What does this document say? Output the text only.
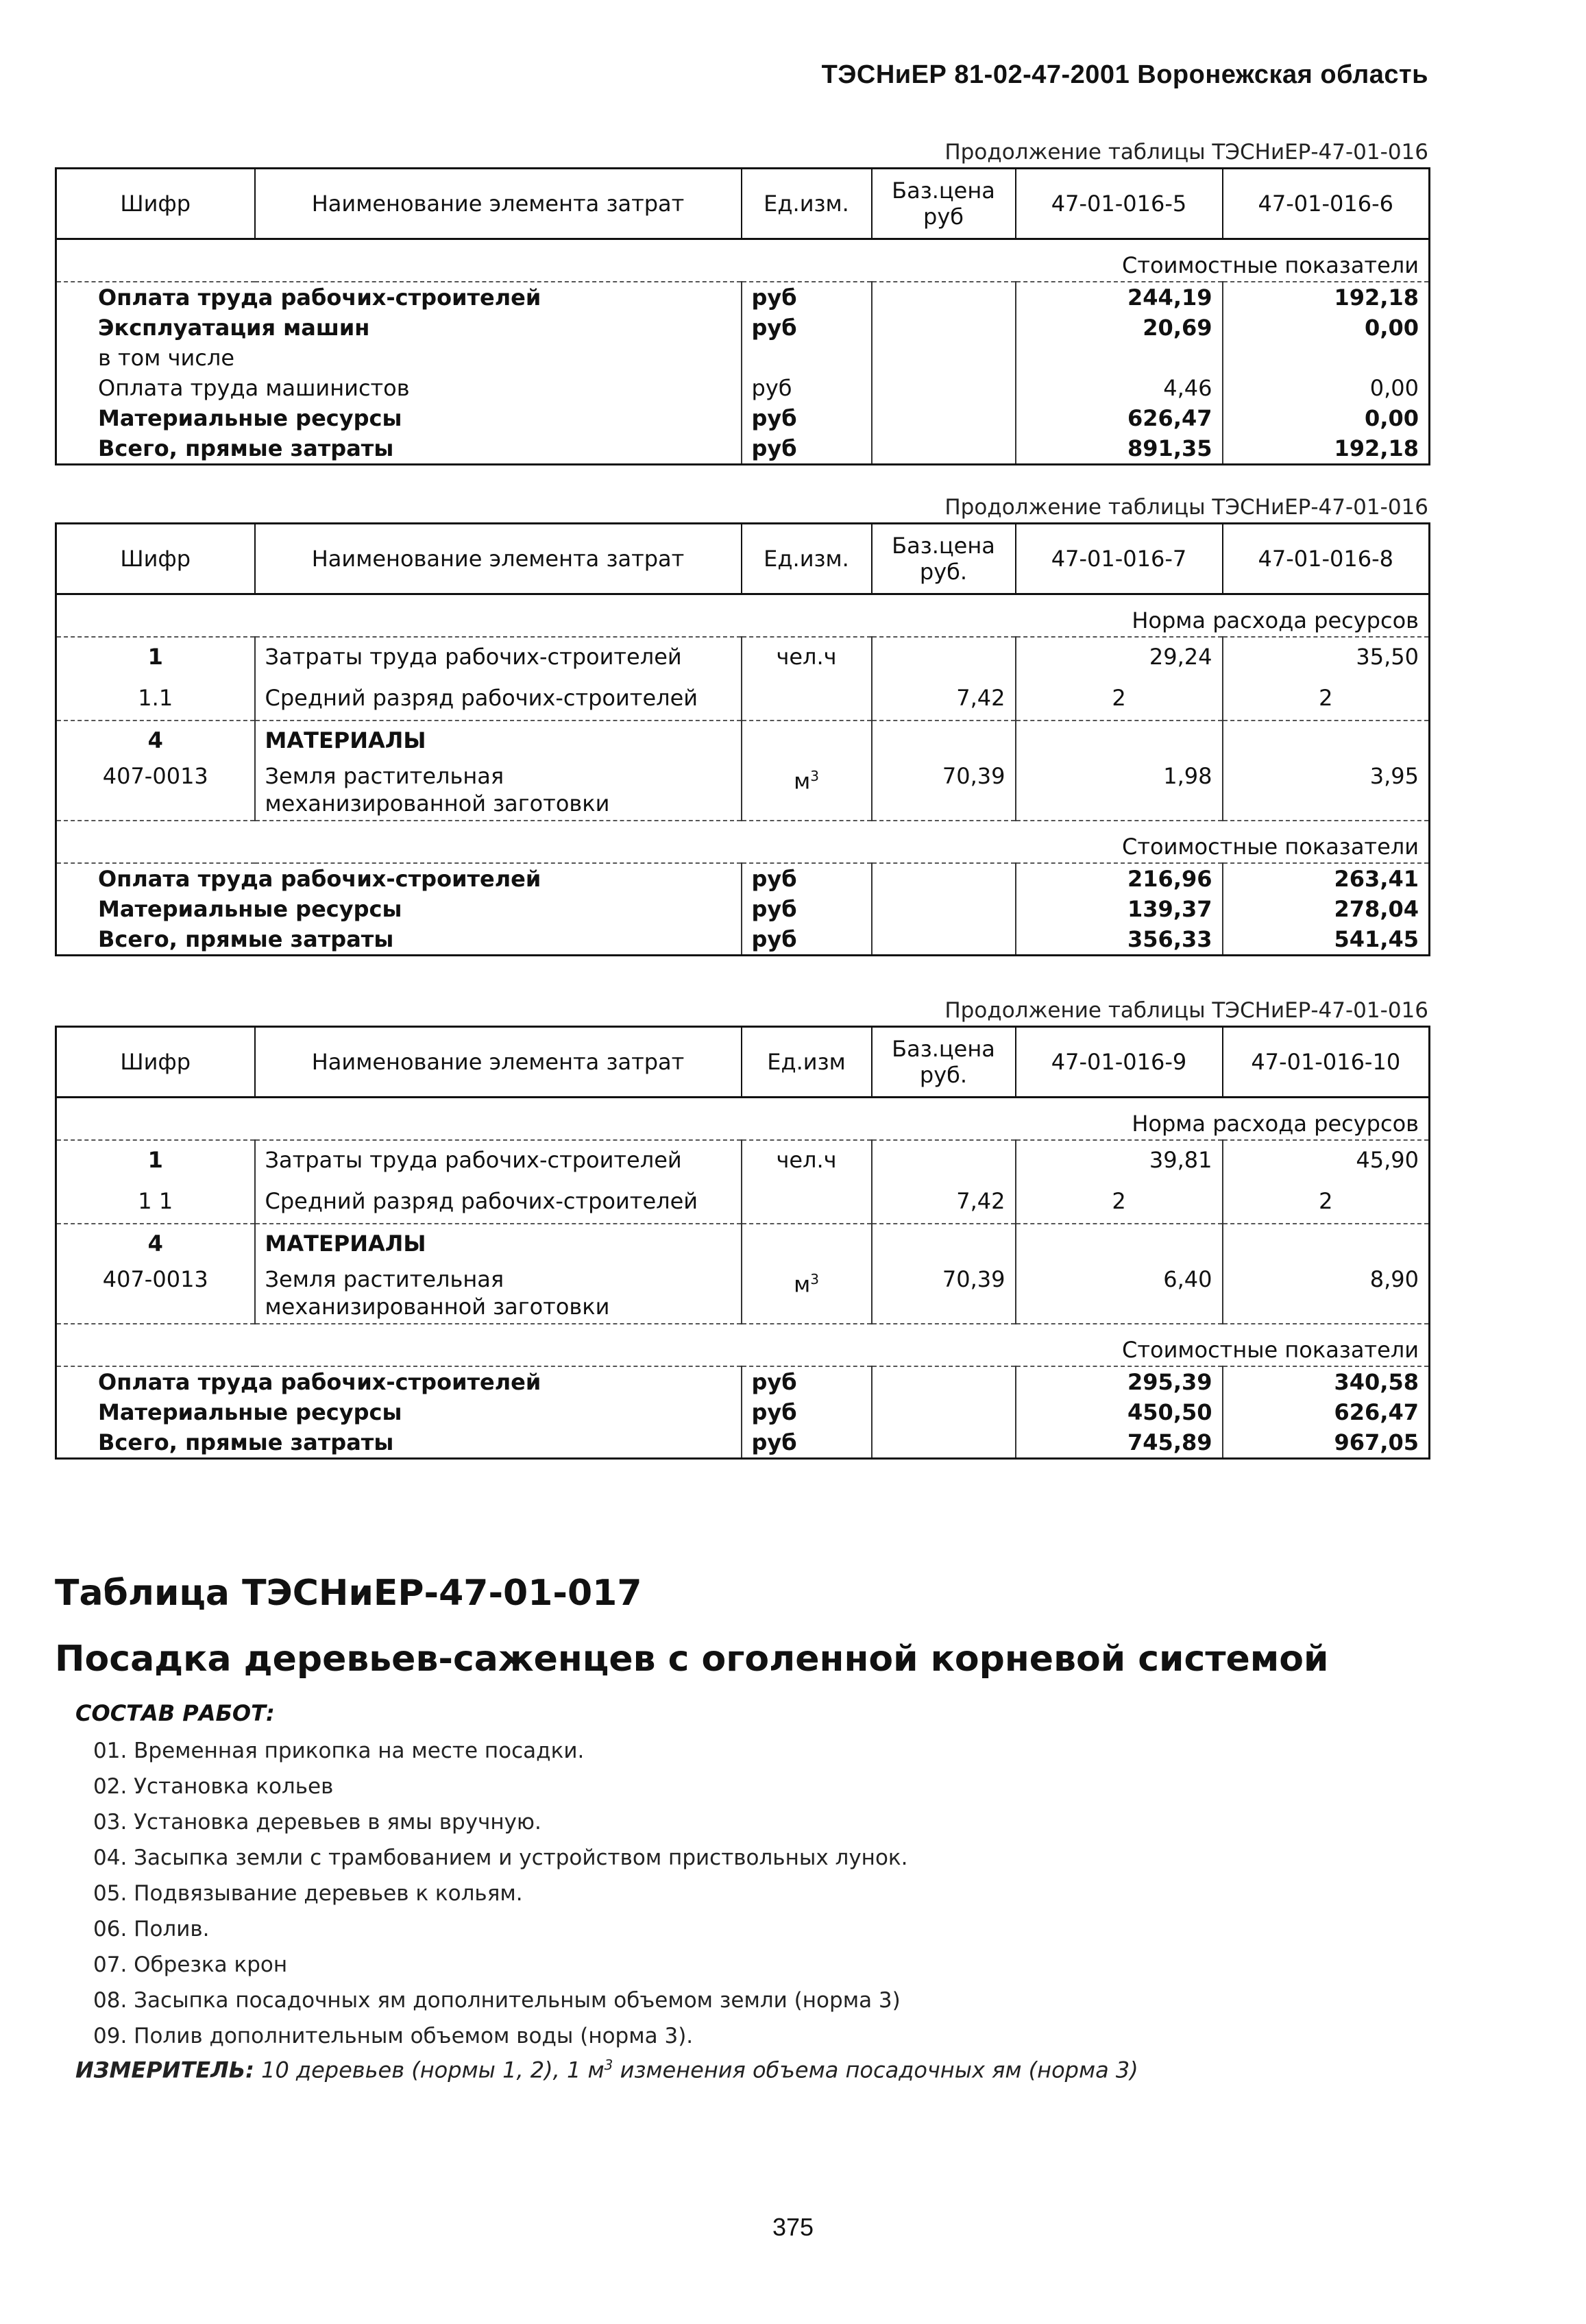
ТЭСНиЕР 81-02-47-2001 Воронежская область
Продолжение таблицы ТЭСНиЕР-47-01-016
Шифр	Наименование элемента затрат	Ед.изм.	Баз.цена руб	47-01-016-5	47-01-016-6
Стоимостные показатели					
Оплата труда рабочих-строителей		руб		244,19	192,18
Эксплуатация машин		руб		20,69	0,00
в том числе					
Оплата труда машинистов		руб		4,46	0,00
Материальные ресурсы		руб		626,47	0,00
Всего, прямые затраты		руб		891,35	192,18
Продолжение таблицы ТЭСНиЕР-47-01-016
Шифр	Наименование элемента затрат	Ед.изм.	Баз.цена руб.	47-01-016-7	47-01-016-8
Норма расхода ресурсов					
1	Затраты труда рабочих-строителей	чел.ч		29,24	35,50
1.1	Средний разряд рабочих-строителей		7,42	2	2
4	МАТЕРИАЛЫ				
407-0013	Земля растительная механизированной заготовки	$м^3$	70,39	1,98	3,95
Стоимостные показатели					
Оплата труда рабочих-строителей		руб		216,96	263,41
Материальные ресурсы		руб		139,37	278,04
Всего, прямые затраты		руб		356,33	541,45
Продолжение таблицы ТЭСНиЕР-47-01-016
Шифр	Наименование элемента затрат	Ед.изм	Баз.цена руб.	47-01-016-9	47-01-016-10
Норма расхода ресурсов					
1	Затраты труда рабочих-строителей	чел.ч		39,81	45,90
1 1	Средний разряд рабочих-строителей		7,42	2	2
4	МАТЕРИАЛЫ				
407-0013	Земля растительная механизированной заготовки	$м^3$	70,39	6,40	8,90
Стоимостные показатели					
Оплата труда рабочих-строителей		руб		295,39	340,58
Материальные ресурсы		руб		450,50	626,47
Всего, прямые затраты		руб		745,89	967,05
Таблица ТЭСНиЕР-47-01-017
Посадка деревьев-саженцев с оголенной корневой системой
СОСТАВ РАБОТ:
01. Временная прикопка на месте посадки.
02. Установка кольев
03. Установка деревьев в ямы вручную.
04. Засыпка земли с трамбованием и устройством приствольных лунок.
05. Подвязывание деревьев к кольям.
06. Полив.
07. Обрезка крон
08. Засыпка посадочных ям дополнительным объемом земли (норма 3)
09. Полив дополнительным объемом воды (норма 3).
ИЗМЕРИТЕЛЬ: 10 деревьев (нормы 1, 2), 1 $м^3$ изменения объема посадочных ям (норма 3)
375
